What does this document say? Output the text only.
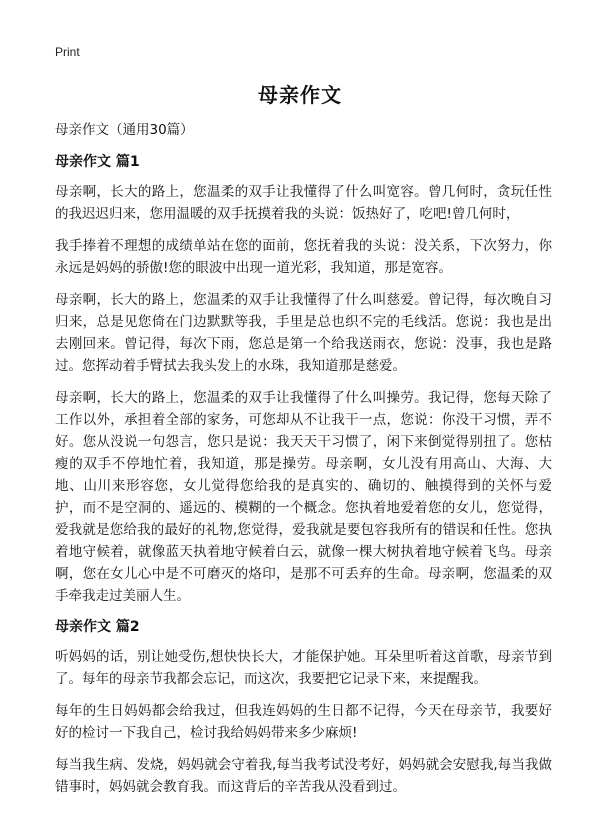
Print
母亲作文

母亲作文（通用30篇）

母亲作文 篇1

母亲啊，长大的路上，您温柔的双手让我懂得了什么叫宽容。曾几何时，贪玩任性的我迟迟归来，您用温暖的双手抚摸着我的头说：饭热好了，吃吧!曾几何时，

我手捧着不理想的成绩单站在您的面前，您抚着我的头说：没关系，下次努力，你永远是妈妈的骄傲!您的眼波中出现一道光彩，我知道，那是宽容。

母亲啊，长大的路上，您温柔的双手让我懂得了什么叫慈爱。曾记得，每次晚自习归来，总是见您倚在门边默默等我，手里是总也织不完的毛线活。您说：我也是出去刚回来。曾记得，每次下雨，您总是第一个给我送雨衣，您说：没事，我也是路过。您挥动着手臂拭去我头发上的水珠，我知道那是慈爱。

母亲啊，长大的路上，您温柔的双手让我懂得了什么叫操劳。我记得，您每天除了工作以外，承担着全部的家务，可您却从不让我干一点，您说：你没干习惯，弄不好。您从没说一句怨言，您只是说：我天天干习惯了，闲下来倒觉得别扭了。您枯瘦的双手不停地忙着，我知道，那是操劳。母亲啊，女儿没有用高山、大海、大地、山川来形容您，女儿觉得您给我的是真实的、确切的、触摸得到的关怀与爱护，而不是空洞的、遥远的、模糊的一个概念。您执着地爱着您的女儿，您觉得，爱我就是您给我的最好的礼物,您觉得，爱我就是要包容我所有的错误和任性。您执着地守候着，就像蓝天执着地守候着白云，就像一棵大树执着地守候着飞鸟。母亲啊，您在女儿心中是不可磨灭的烙印，是那不可丢弃的生命。母亲啊，您温柔的双手牵我走过美丽人生。

母亲作文 篇2

听妈妈的话，别让她受伤,想快快长大，才能保护她。耳朵里听着这首歌，母亲节到了。每年的母亲节我都会忘记，而这次，我要把它记录下来，来提醒我。

每年的生日妈妈都会给我过，但我连妈妈的生日都不记得，今天在母亲节，我要好好的检讨一下我自己，检讨我给妈妈带来多少麻烦!

每当我生病、发烧，妈妈就会守着我,每当我考试没考好，妈妈就会安慰我,每当我做错事时，妈妈就会教育我。而这背后的辛苦我从没看到过。
